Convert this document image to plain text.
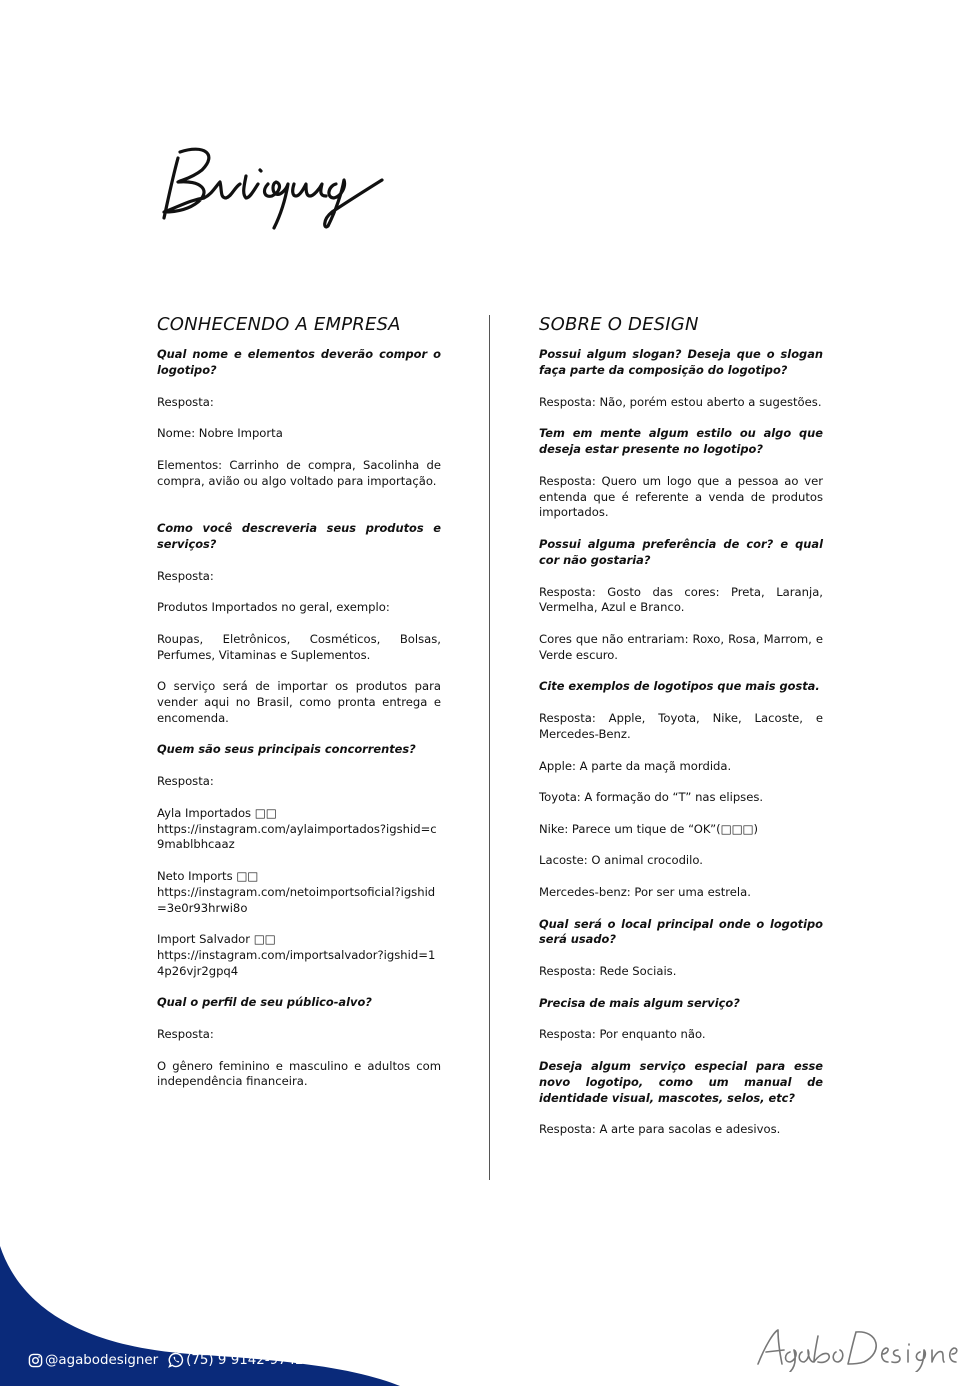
CONHECENDO A EMPRESA
Qual nome e elementos deverão compor o logotipo?
Resposta:
Nome: Nobre Importa
Elementos: Carrinho de compra, Sacolinha de compra, avião ou algo voltado para importação.
Como você descreveria seus produtos e serviços?
Resposta:
Produtos Importados no geral, exemplo:
Roupas, Eletrônicos, Cosméticos, Bolsas, Perfumes, Vitaminas e Suplementos.
O serviço será de importar os produtos para vender aqui no Brasil, como pronta entrega e encomenda.
Quem são seus principais concorrentes?
Resposta:
Ayla Importados □□
https://instagram.com/aylaimportados?igshid=c9mablbhcaaz
Neto Imports □□
https://instagram.com/netoimportsoficial?igshid=3e0r93hrwi8o
Import Salvador □□
https://instagram.com/importsalvador?igshid=14p26vjr2gpq4
Qual o perfil de seu público-alvo?
Resposta:
O gênero feminino e masculino e adultos com independência financeira.
SOBRE O DESIGN
Possui algum slogan? Deseja que o slogan faça parte da composição do logotipo?
Resposta: Não, porém estou aberto a sugestões.
Tem em mente algum estilo ou algo que deseja estar presente no logotipo?
Resposta: Quero um logo que a pessoa ao ver entenda que é referente a venda de produtos importados.
Possui alguma preferência de cor? e qual cor não gostaria?
Resposta: Gosto das cores: Preta, Laranja, Vermelha, Azul e Branco.
Cores que não entrariam: Roxo, Rosa, Marrom, e Verde escuro.
Cite exemplos de logotipos que mais gosta.
Resposta: Apple, Toyota, Nike, Lacoste, e Mercedes-Benz.
Apple: A parte da maçã mordida.
Toyota: A formação do “T” nas elipses.
Nike: Parece um tique de “OK”(□□□)
Lacoste: O animal crocodilo.
Mercedes-benz: Por ser uma estrela.
Qual será o local principal onde o logotipo será usado?
Resposta: Rede Sociais.
Precisa de mais algum serviço?
Resposta: Por enquanto não.
Deseja algum serviço especial para esse novo logotipo, como um manual de identidade visual, mascotes, selos, etc?
Resposta: A arte para sacolas e adesivos.
@agabodesigner (75) 9 9142-9742
